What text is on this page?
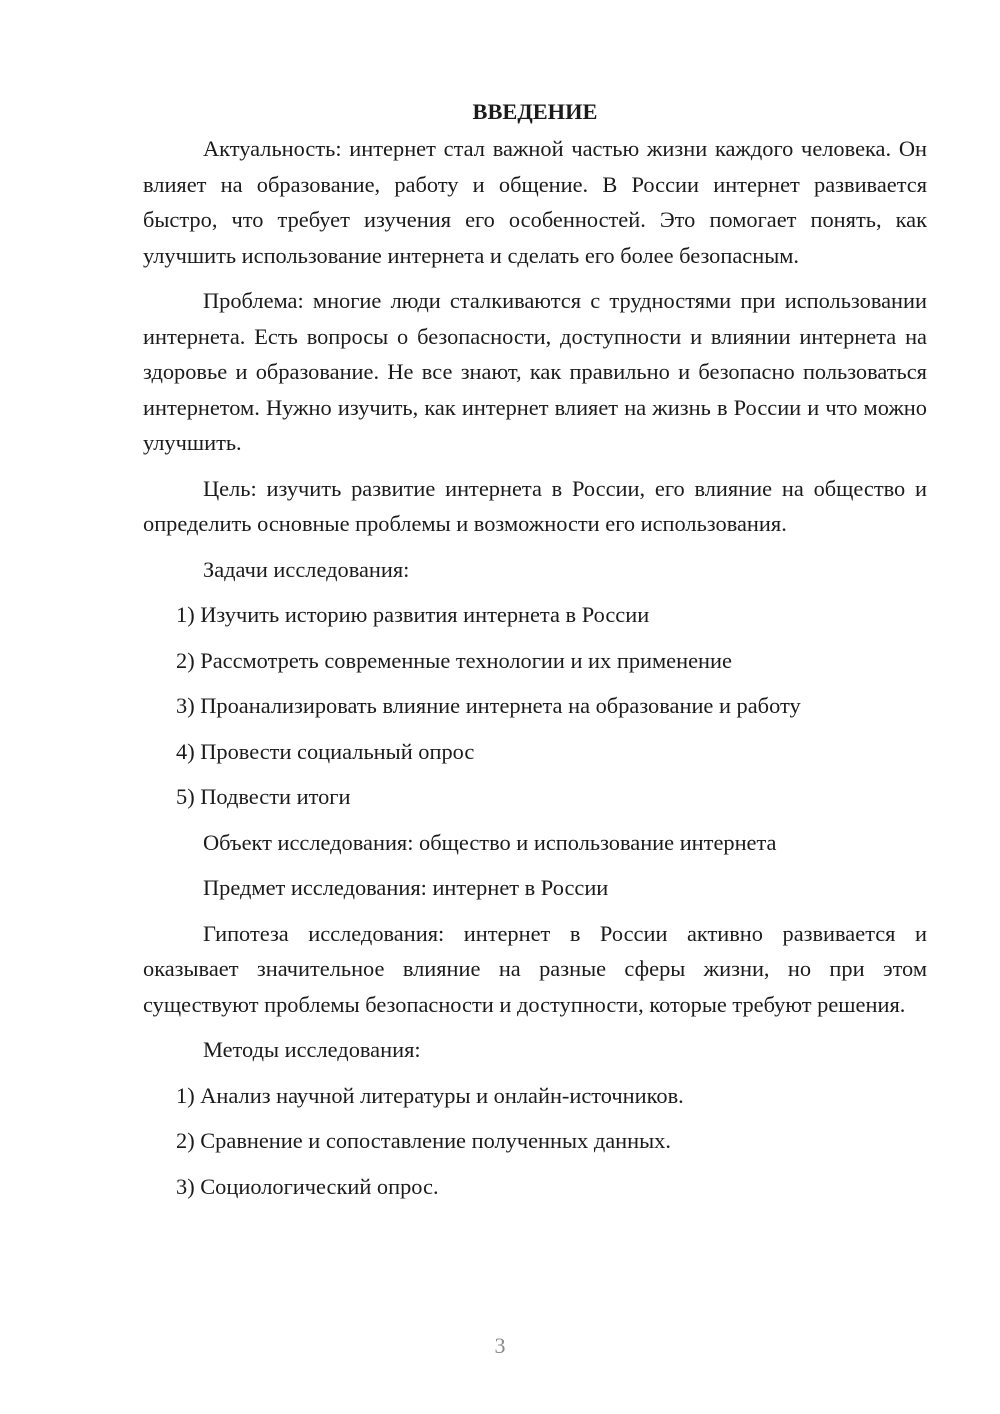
ВВЕДЕНИЕ

Актуальность: интернет стал важной частью жизни каждого человека. Он влияет на образование, работу и общение. В России интернет развивается быстро, что требует изучения его особенностей. Это помогает понять, как улучшить использование интернета и сделать его более безопасным.

Проблема: многие люди сталкиваются с трудностями при использовании интернета. Есть вопросы о безопасности, доступности и влиянии интернета на здоровье и образование. Не все знают, как правильно и безопасно пользоваться интернетом. Нужно изучить, как интернет влияет на жизнь в России и что можно улучшить.

Цель: изучить развитие интернета в России, его влияние на общество и определить основные проблемы и возможности его использования.

Задачи исследования:

1) Изучить историю развития интернета в России
2) Рассмотреть современные технологии и их применение
3) Проанализировать влияние интернета на образование и работу
4) Провести социальный опрос
5) Подвести итоги

Объект исследования: общество и использование интернета

Предмет исследования: интернет в России

Гипотеза исследования: интернет в России активно развивается и оказывает значительное влияние на разные сферы жизни, но при этом существуют проблемы безопасности и доступности, которые требуют решения.

Методы исследования:

1) Анализ научной литературы и онлайн-источников.
2) Сравнение и сопоставление полученных данных.
3) Социологический опрос.
3
